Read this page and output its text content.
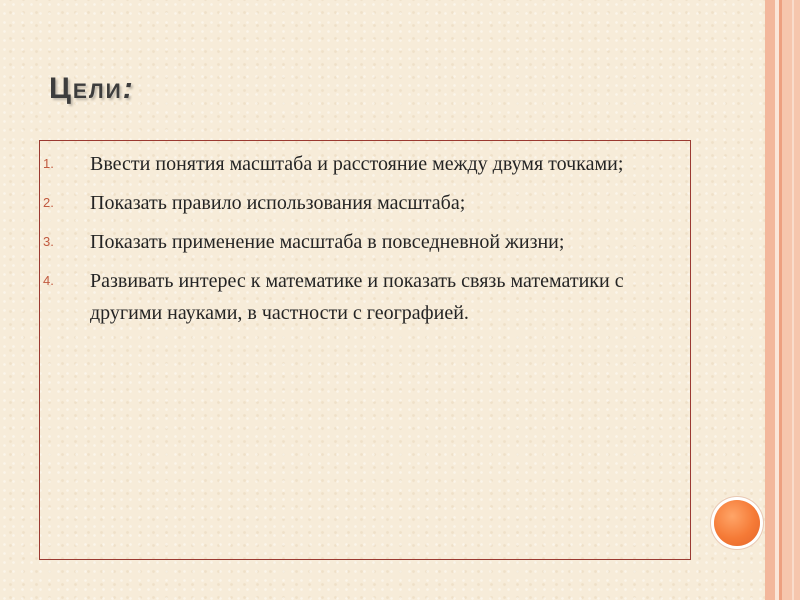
Цели:
1. Ввести понятия масштаба и расстояние между двумя точками;
2. Показать правило использования масштаба;
3. Показать применение масштаба в повседневной жизни;
4. Развивать интерес к математике и показать связь математики с другими науками, в частности с географией.
